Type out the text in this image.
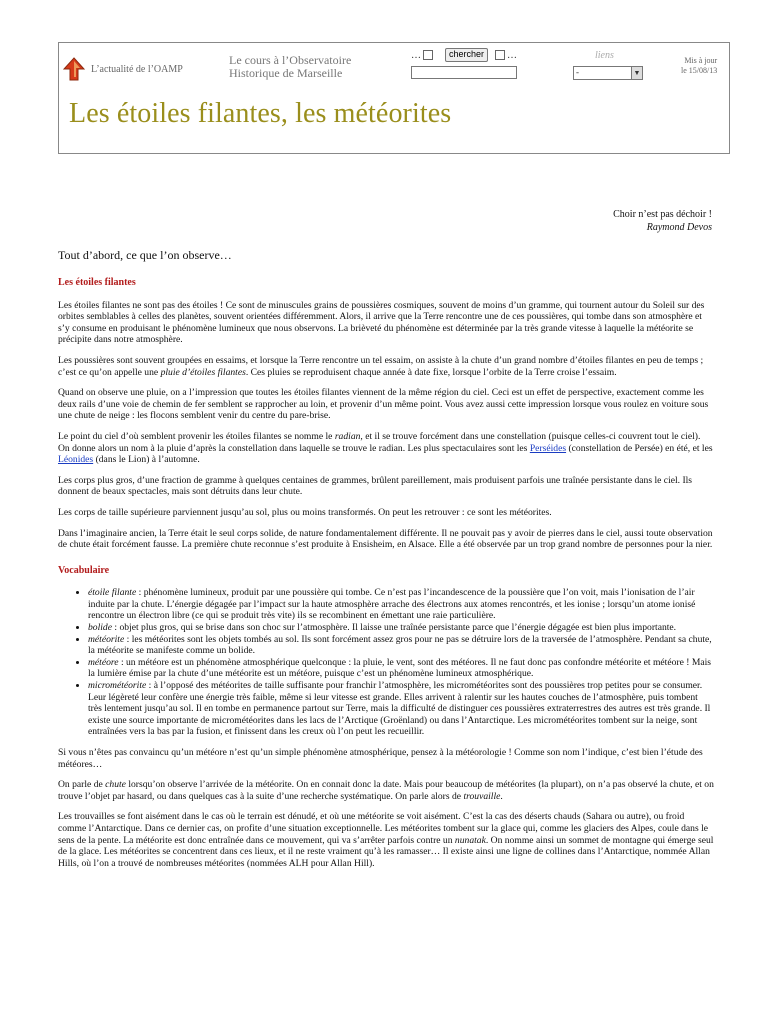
L’actualité de l’OAMP
Le cours à l’Observatoire
Historique de Marseille
…	chercher	…	liens
-	▼
Mis à jour
le 15/08/13
Les étoiles filantes, les météorites
Choir n’est pas déchoir !
Raymond Devos

Tout d’abord, ce que l’on observe…

Les étoiles filantes

Les étoiles filantes ne sont pas des étoiles ! Ce sont de minuscules grains de poussières cosmiques, souvent de moins d’un gramme, qui tournent autour du Soleil sur des orbites semblables à celles des planètes, souvent orientées différemment. Alors, il arrive que la Terre rencontre une de ces poussières, qui tombe dans son atmosphère et s’y consume en produisant le phénomène lumineux que nous observons. La brièveté du phénomène est déterminée par la très grande vitesse à laquelle la météorite se précipite dans notre atmosphère.

Les poussières sont souvent groupées en essaims, et lorsque la Terre rencontre un tel essaim, on assiste à la chute d’un grand nombre d’étoiles filantes en peu de temps ; c’est ce qu’on appelle une pluie d’étoiles filantes. Ces pluies se reproduisent chaque année à date fixe, lorsque l’orbite de la Terre croise l’essaim.

Quand on observe une pluie, on a l’impression que toutes les étoiles filantes viennent de la même région du ciel. Ceci est un effet de perspective, exactement comme les deux rails d’une voie de chemin de fer semblent se rapprocher au loin, et provenir d’un même point. Vous avez aussi cette impression lorsque vous roulez en voiture sous une chute de neige : les flocons semblent venir du centre du pare-brise.

Le point du ciel d’où semblent provenir les étoiles filantes se nomme le radian, et il se trouve forcément dans une constellation (puisque celles-ci couvrent tout le ciel). On donne alors un nom à la pluie d’après la constellation dans laquelle se trouve le radian. Les plus spectaculaires sont les Perséides (constellation de Persée) en été, et les Léonides (dans le Lion) à l’automne.

Les corps plus gros, d’une fraction de gramme à quelques centaines de grammes, brûlent pareillement, mais produisent parfois une traînée persistante dans le ciel. Ils donnent de beaux spectacles, mais sont détruits dans leur chute.

Les corps de taille supérieure parviennent jusqu’au sol, plus ou moins transformés. On peut les retrouver : ce sont les météorites.

Dans l’imaginaire ancien, la Terre était le seul corps solide, de nature fondamentalement différente. Il ne pouvait pas y avoir de pierres dans le ciel, aussi toute observation de chute était forcément fausse. La première chute reconnue s’est produite à Ensisheim, en Alsace. Elle a été observée par un trop grand nombre de personnes pour la nier.

Vocabulaire
• étoile filante : phénomène lumineux, produit par une poussière qui tombe. Ce n’est pas l’incandescence de la poussière que l’on voit, mais l’ionisation de l’air induite par la chute. L’énergie dégagée par l’impact sur la haute atmosphère arrache des électrons aux atomes rencontrés, et les ionise ; lorsqu’un atome ionisé rencontre un électron libre (ce qui se produit très vite) ils se recombinent en émettant une raie particulière.
• bolide : objet plus gros, qui se brise dans son choc sur l’atmosphère. Il laisse une traînée persistante parce que l’énergie dégagée est bien plus importante.
• météorite : les météorites sont les objets tombés au sol. Ils sont forcément assez gros pour ne pas se détruire lors de la traversée de l’atmosphère. Pendant sa chute, la météorite se manifeste comme un bolide.
• météore : un météore est un phénomène atmosphérique quelconque : la pluie, le vent, sont des météores. Il ne faut donc pas confondre météorite et météore ! Mais la lumière émise par la chute d’une météorite est un météore, puisque c’est un phénomène lumineux atmosphérique.
• micrométéorite : à l’opposé des météorites de taille suffisante pour franchir l’atmosphère, les micrométéorites sont des poussières trop petites pour se consumer. Leur légèreté leur confère une énergie très faible, même si leur vitesse est grande. Elles arrivent à ralentir sur les hautes couches de l’atmosphère, puis tombent très lentement jusqu’au sol. Il en tombe en permanence partout sur Terre, mais la difficulté de distinguer ces poussières extraterrestres des autres est très grande. Il existe une source importante de micrométéorites dans les lacs de l’Arctique (Groënland) ou dans l’Antarctique. Les micrométéorites tombent sur la neige, sont entraînées vers la bas par la fusion, et finissent dans les creux où l’on peut les recueillir.

Si vous n’êtes pas convaincu qu’un météore n’est qu’un simple phénomène atmosphérique, pensez à la météorologie ! Comme son nom l’indique, c’est bien l’étude des météores…

On parle de chute lorsqu’on observe l’arrivée de la météorite. On en connait donc la date. Mais pour beaucoup de météorites (la plupart), on n’a pas observé la chute, et on trouve l’objet par hasard, ou dans quelques cas à la suite d’une recherche systématique. On parle alors de trouvaille.

Les trouvailles se font aisément dans le cas où le terrain est dénudé, et où une météorite se voit aisément. C’est la cas des déserts chauds (Sahara ou autre), ou froid comme l’Antarctique. Dans ce dernier cas, on profite d’une situation exceptionnelle. Les météorites tombent sur la glace qui, comme les glaciers des Alpes, coule dans le sens de la pente. La météorite est donc entraînée dans ce mouvement, qui va s’arrêter parfois contre un nunatak. On nomme ainsi un sommet de montagne qui émerge seul de la glace. Les météorites se concentrent dans ces lieux, et il ne reste vraiment qu’à les ramasser… Il existe ainsi une ligne de collines dans l’Antarctique, nommée Allan Hills, où l’on a trouvé de nombreuses météorites (nommées ALH pour Allan Hill).
